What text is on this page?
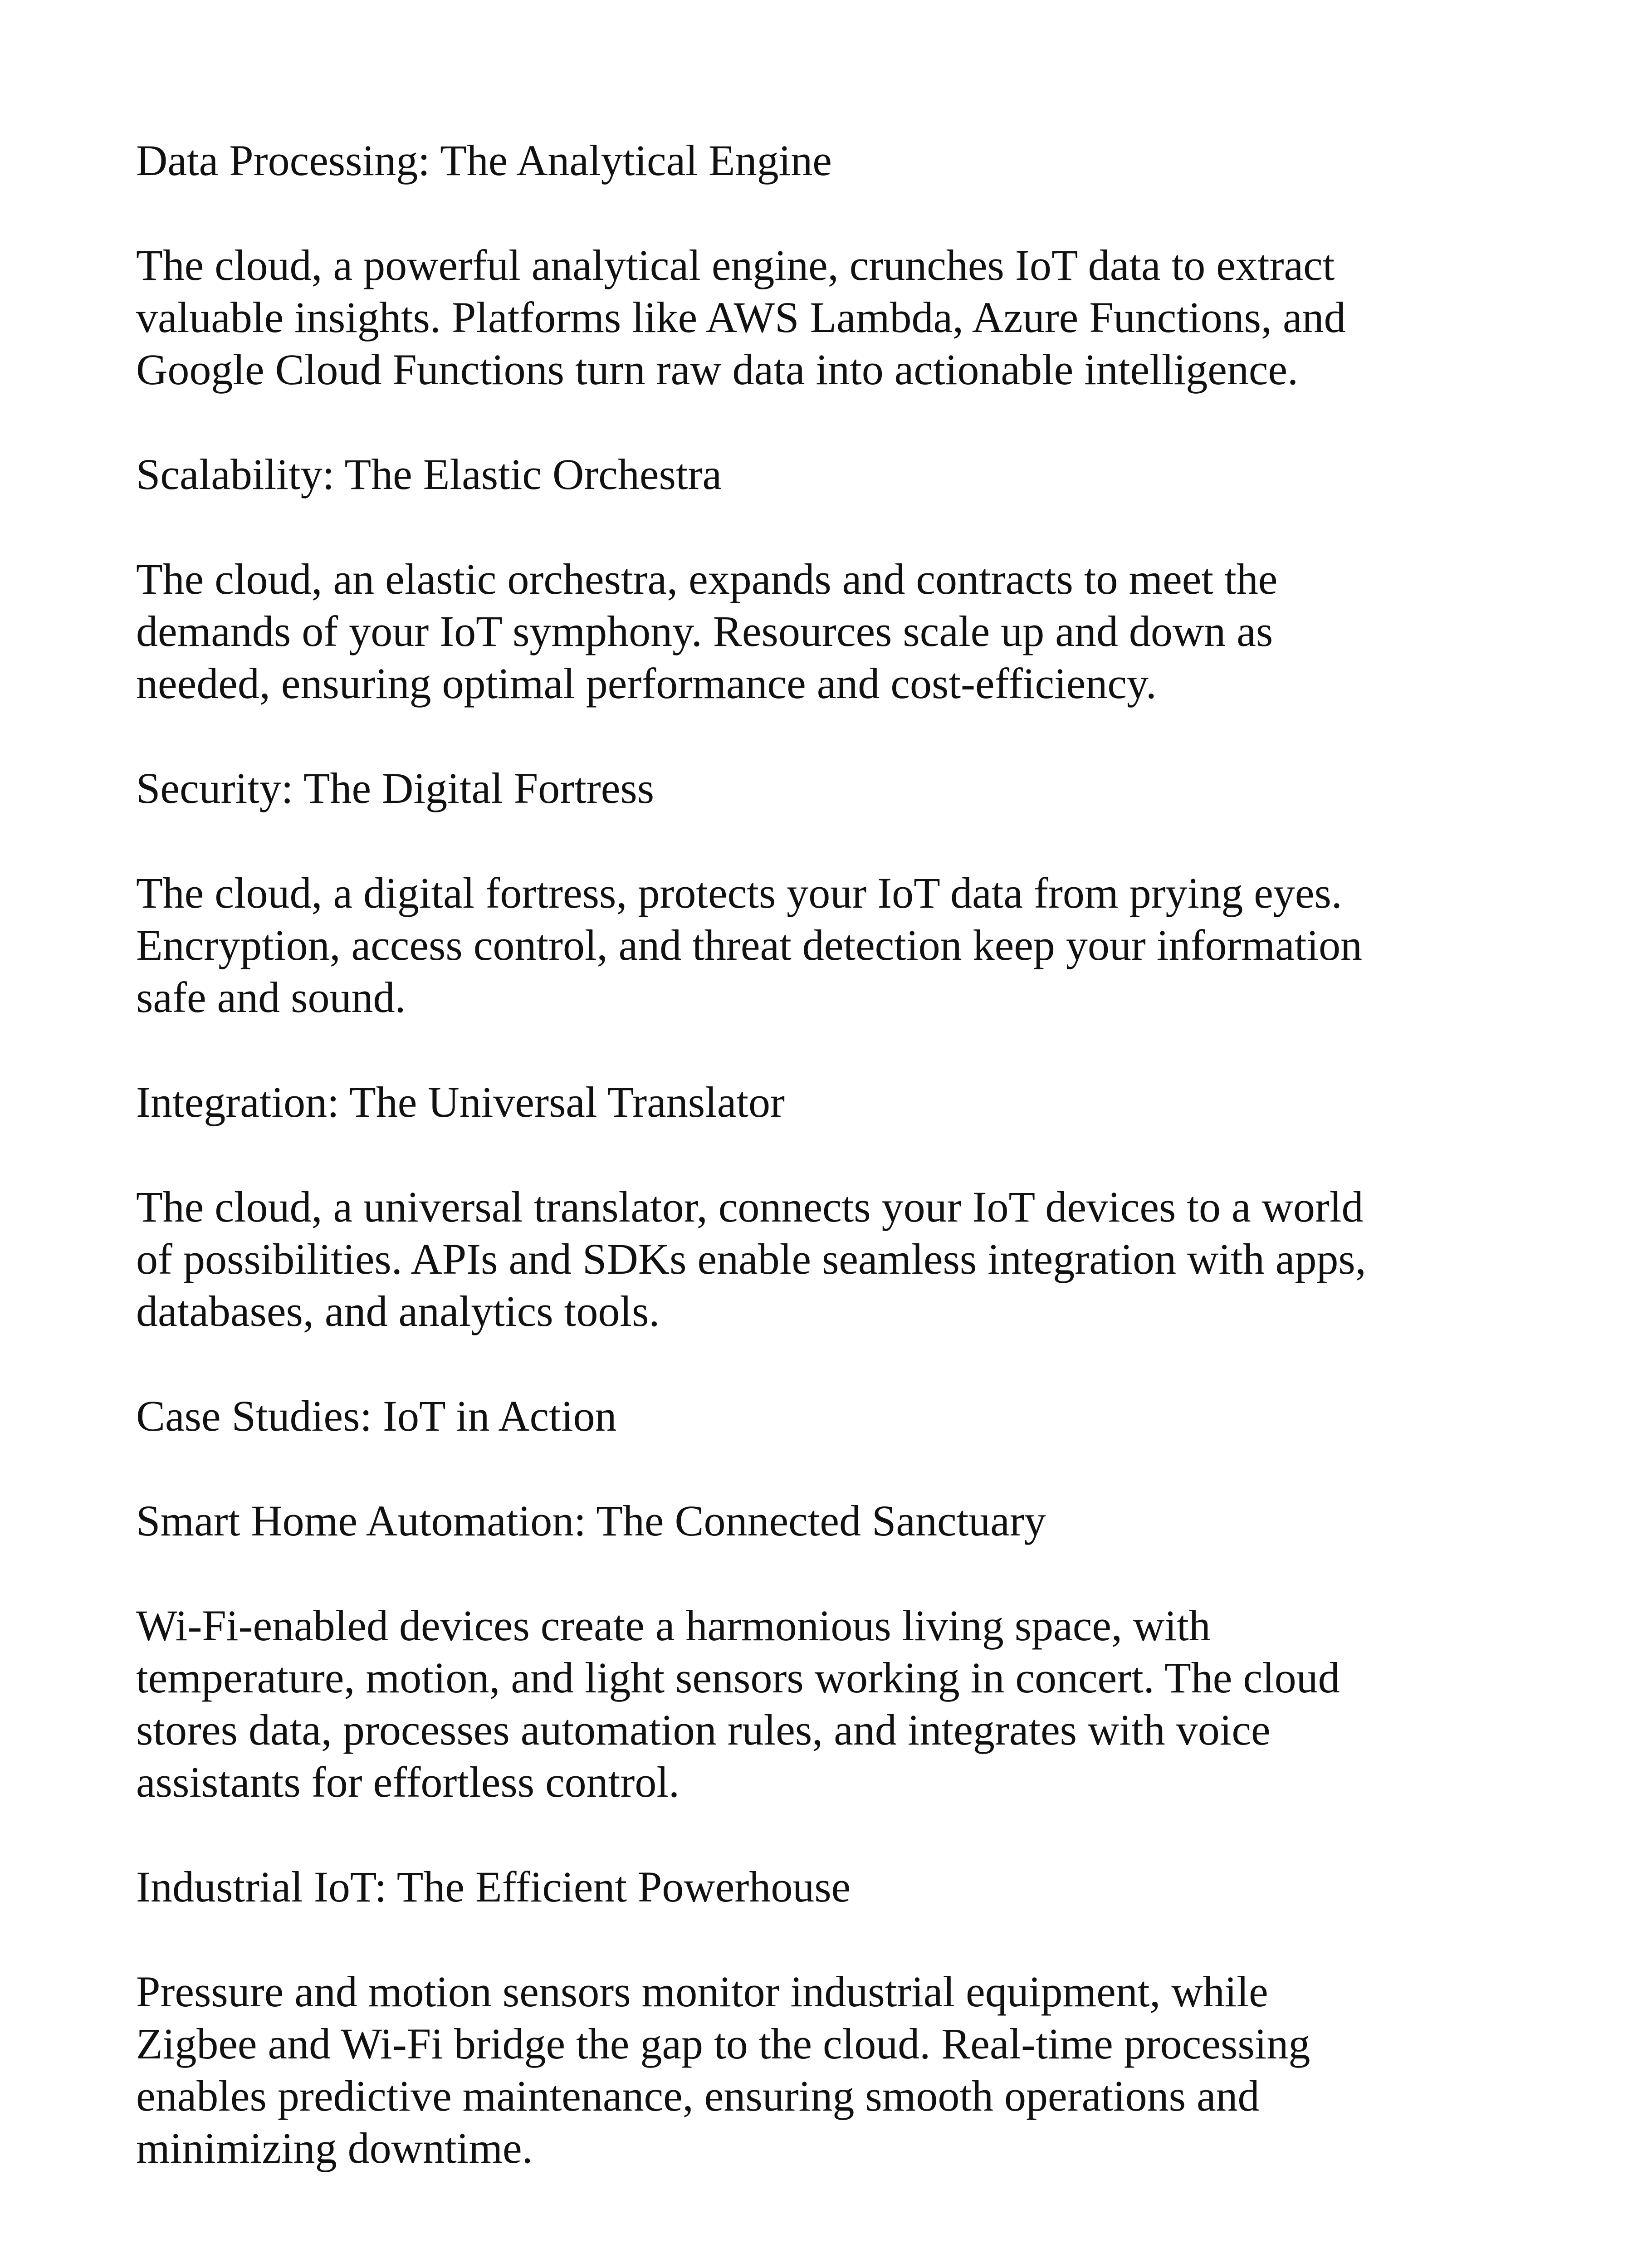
Data Processing: The Analytical Engine
The cloud, a powerful analytical engine, crunches IoT data to extract
valuable insights. Platforms like AWS Lambda, Azure Functions, and
Google Cloud Functions turn raw data into actionable intelligence.
Scalability: The Elastic Orchestra
The cloud, an elastic orchestra, expands and contracts to meet the
demands of your IoT symphony. Resources scale up and down as
needed, ensuring optimal performance and cost-efficiency.
Security: The Digital Fortress
The cloud, a digital fortress, protects your IoT data from prying eyes.
Encryption, access control, and threat detection keep your information
safe and sound.
Integration: The Universal Translator
The cloud, a universal translator, connects your IoT devices to a world
of possibilities. APIs and SDKs enable seamless integration with apps,
databases, and analytics tools.
Case Studies: IoT in Action
Smart Home Automation: The Connected Sanctuary
Wi-Fi-enabled devices create a harmonious living space, with
temperature, motion, and light sensors working in concert. The cloud
stores data, processes automation rules, and integrates with voice
assistants for effortless control.
Industrial IoT: The Efficient Powerhouse
Pressure and motion sensors monitor industrial equipment, while
Zigbee and Wi-Fi bridge the gap to the cloud. Real-time processing
enables predictive maintenance, ensuring smooth operations and
minimizing downtime.
